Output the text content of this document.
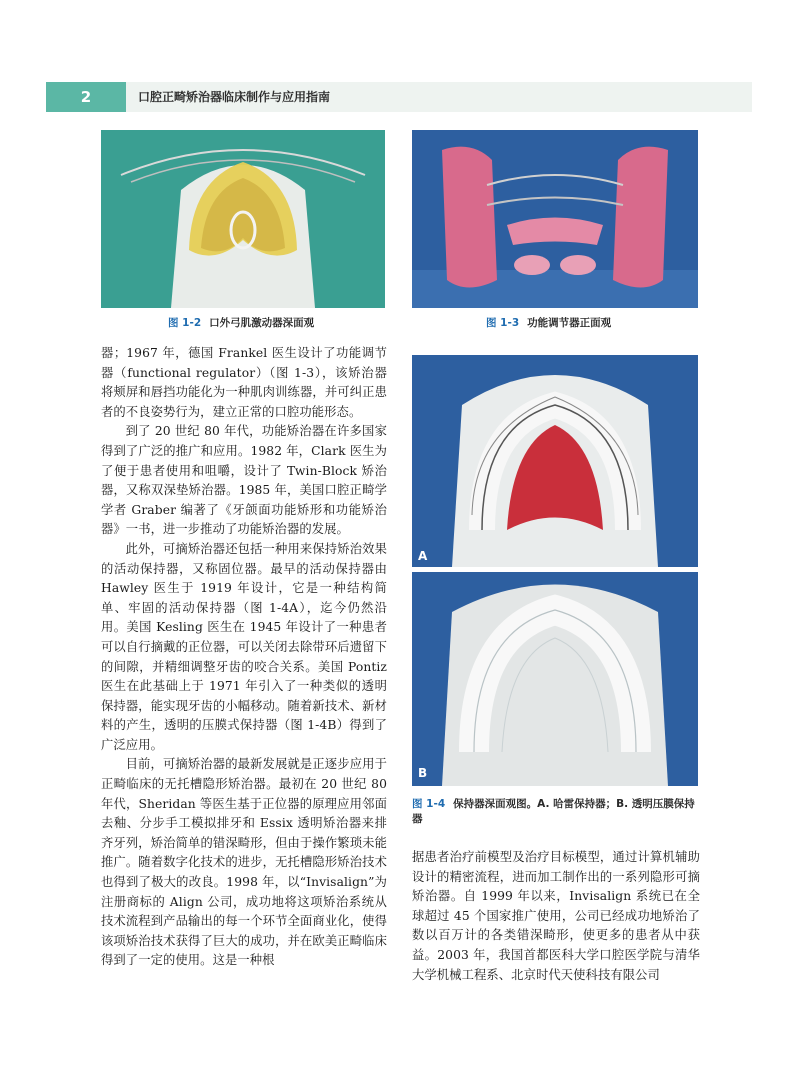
2	口腔正畸矫治器临床制作与应用指南
图 1-2 口外弓肌激动器㳭面观	图 1-3 功能调节器正面观
A
B
图 1-4 保持器㳭面观图。A. 哈雷保持器；B. 透明压膜保持器

器；1967 年，德国 Frankel 医生设计了功能调节器（functional regulator）（图 1-3），该矫治器将颊屏和唇挡功能化为一种肌肉训练器，并可纠正患者的不良姿势行为，建立正常的口腔功能形态。

到了 20 世纪 80 年代，功能矫治器在许多国家得到了广泛的推广和应用。1982 年，Clark 医生为了便于患者使用和咀嚼，设计了 Twin-Block 矫治器，又称双㳭垫矫治器。1985 年，美国口腔正畸学学者 Graber 编著了《牙颌面功能矫形和功能矫治器》一书，进一步推动了功能矫治器的发展。

此外，可摘矫治器还包括一种用来保持矫治效果的活动保持器，又称固位器。最早的活动保持器由 Hawley 医生于 1919 年设计，它是一种结构简单、牢固的活动保持器（图 1-4A），迄今仍然沿用。美国 Kesling 医生在 1945 年设计了一种患者可以自行摘戴的正位器，可以关闭去除带环后遗留下的间隙，并精细调整牙齿的咬合关系。美国 Pontiz 医生在此基础上于 1971 年引入了一种类似的透明保持器，能实现牙齿的小幅移动。随着新技术、新材料的产生，透明的压膜式保持器（图 1-4B）得到了广泛应用。

目前，可摘矫治器的最新发展就是正逐步应用于正畸临床的无托槽隐形矫治器。最初在 20 世纪 80 年代，Sheridan 等医生基于正位器的原理应用邻面去釉、分步手工模拟排牙和 Essix 透明矫治器来排齐牙列，矫治简单的错㳭畸形，但由于操作繁琐未能推广。随着数字化技术的进步，无托槽隐形矫治技术也得到了极大的改良。1998 年，以“Invisalign”为注册商标的 Align 公司，成功地将这项矫治系统从技术流程到产品输出的每一个环节全面商业化，使得该项矫治技术获得了巨大的成功，并在欧美正畸临床得到了一定的使用。这是一种根

据患者治疗前模型及治疗目标模型，通过计算机辅助设计的精密流程，进而加工制作出的一系列隐形可摘矫治器。自 1999 年以来，Invisalign 系统已在全球超过 45 个国家推广使用，公司已经成功地矫治了数以百万计的各类错㳭畸形，使更多的患者从中获益。2003 年，我国首都医科大学口腔医学院与清华大学机械工程系、北京时代天使科技有限公司
